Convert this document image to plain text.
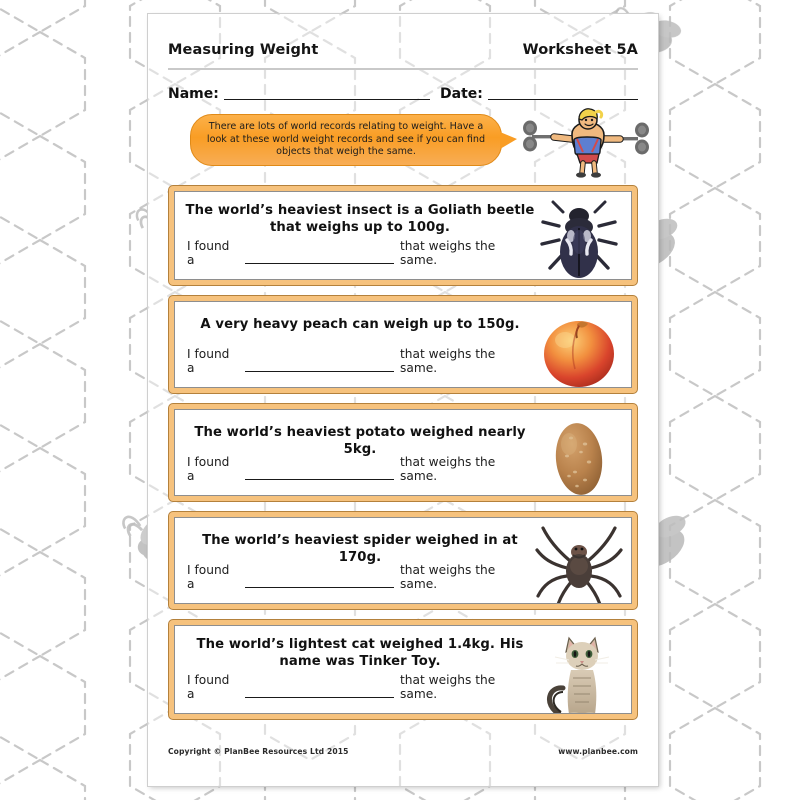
Measuring Weight	Worksheet 5A
Name:	Date:

There are lots of world records relating to weight. Have a look at these world weight records and see if you can find objects that weigh the same.

The world’s heaviest insect is a Goliath beetle that weighs up to 100g.
I found a
that weighs the same.
A very heavy peach can weigh up to 150g.
I found a
that weighs the same.
The world’s heaviest potato weighed nearly 5kg.
I found a
that weighs the same.
The world’s heaviest spider weighed in at 170g.
I found a
that weighs the same.
The world’s lightest cat weighed 1.4kg. His name was Tinker Toy.
I found a
that weighs the same.
Copyright © PlanBee Resources Ltd 2015	www.planbee.com
